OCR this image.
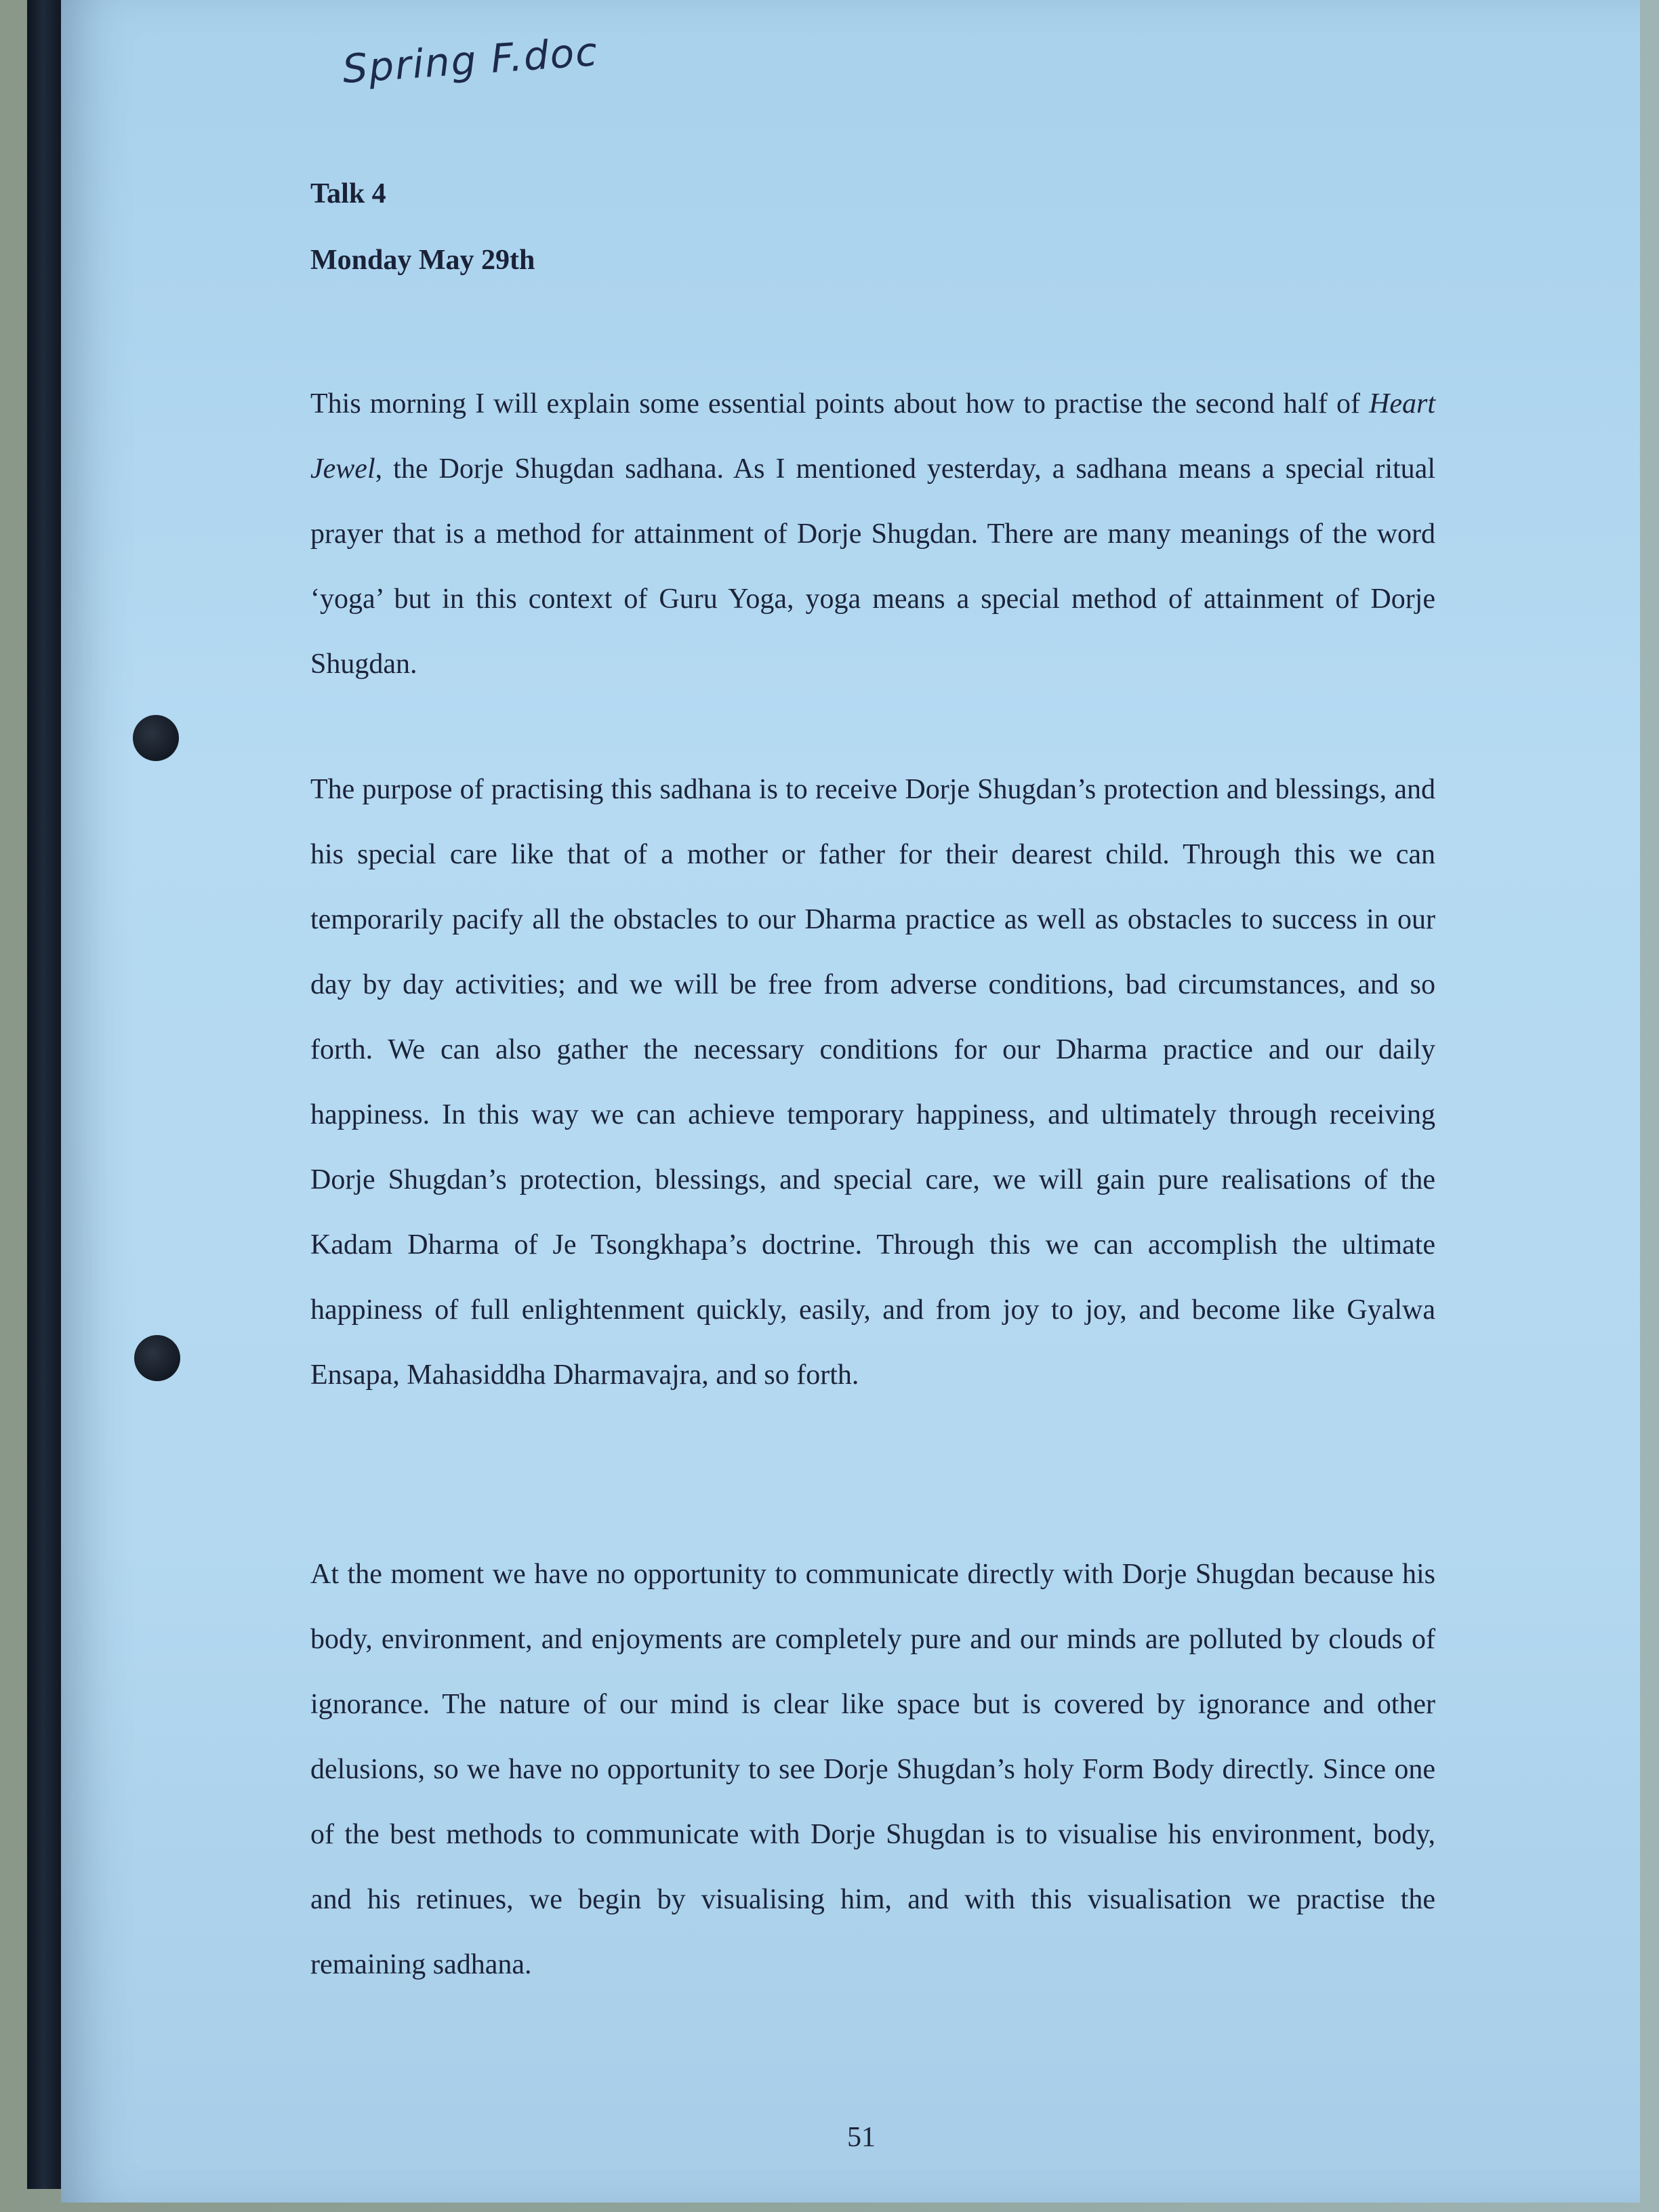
Spring F.doc
Talk 4
Monday May 29th

This morning I will explain some essential points about how to practise the second half of Heart Jewel, the Dorje Shugdan sadhana. As I mentioned yesterday, a sadhana means a special ritual prayer that is a method for attainment of Dorje Shugdan. There are many meanings of the word ‘yoga’ but in this context of Guru Yoga, yoga means a special method of attainment of Dorje Shugdan.

The purpose of practising this sadhana is to receive Dorje Shugdan’s protection and blessings, and his special care like that of a mother or father for their dearest child. Through this we can temporarily pacify all the obstacles to our Dharma practice as well as obstacles to success in our day by day activities; and we will be free from adverse conditions, bad circumstances, and so forth. We can also gather the necessary conditions for our Dharma practice and our daily happiness. In this way we can achieve temporary happiness, and ultimately through receiving Dorje Shugdan’s protection, blessings, and special care, we will gain pure realisations of the Kadam Dharma of Je Tsongkhapa’s doctrine. Through this we can accomplish the ultimate happiness of full enlightenment quickly, easily, and from joy to joy, and become like Gyalwa Ensapa, Mahasiddha Dharmavajra, and so forth.

At the moment we have no opportunity to communicate directly with Dorje Shugdan because his body, environment, and enjoyments are completely pure and our minds are polluted by clouds of ignorance. The nature of our mind is clear like space but is covered by ignorance and other delusions, so we have no opportunity to see Dorje Shugdan’s holy Form Body directly. Since one of the best methods to communicate with Dorje Shugdan is to visualise his environment, body, and his retinues, we begin by visualising him, and with this visualisation we practise the remaining sadhana.

51
